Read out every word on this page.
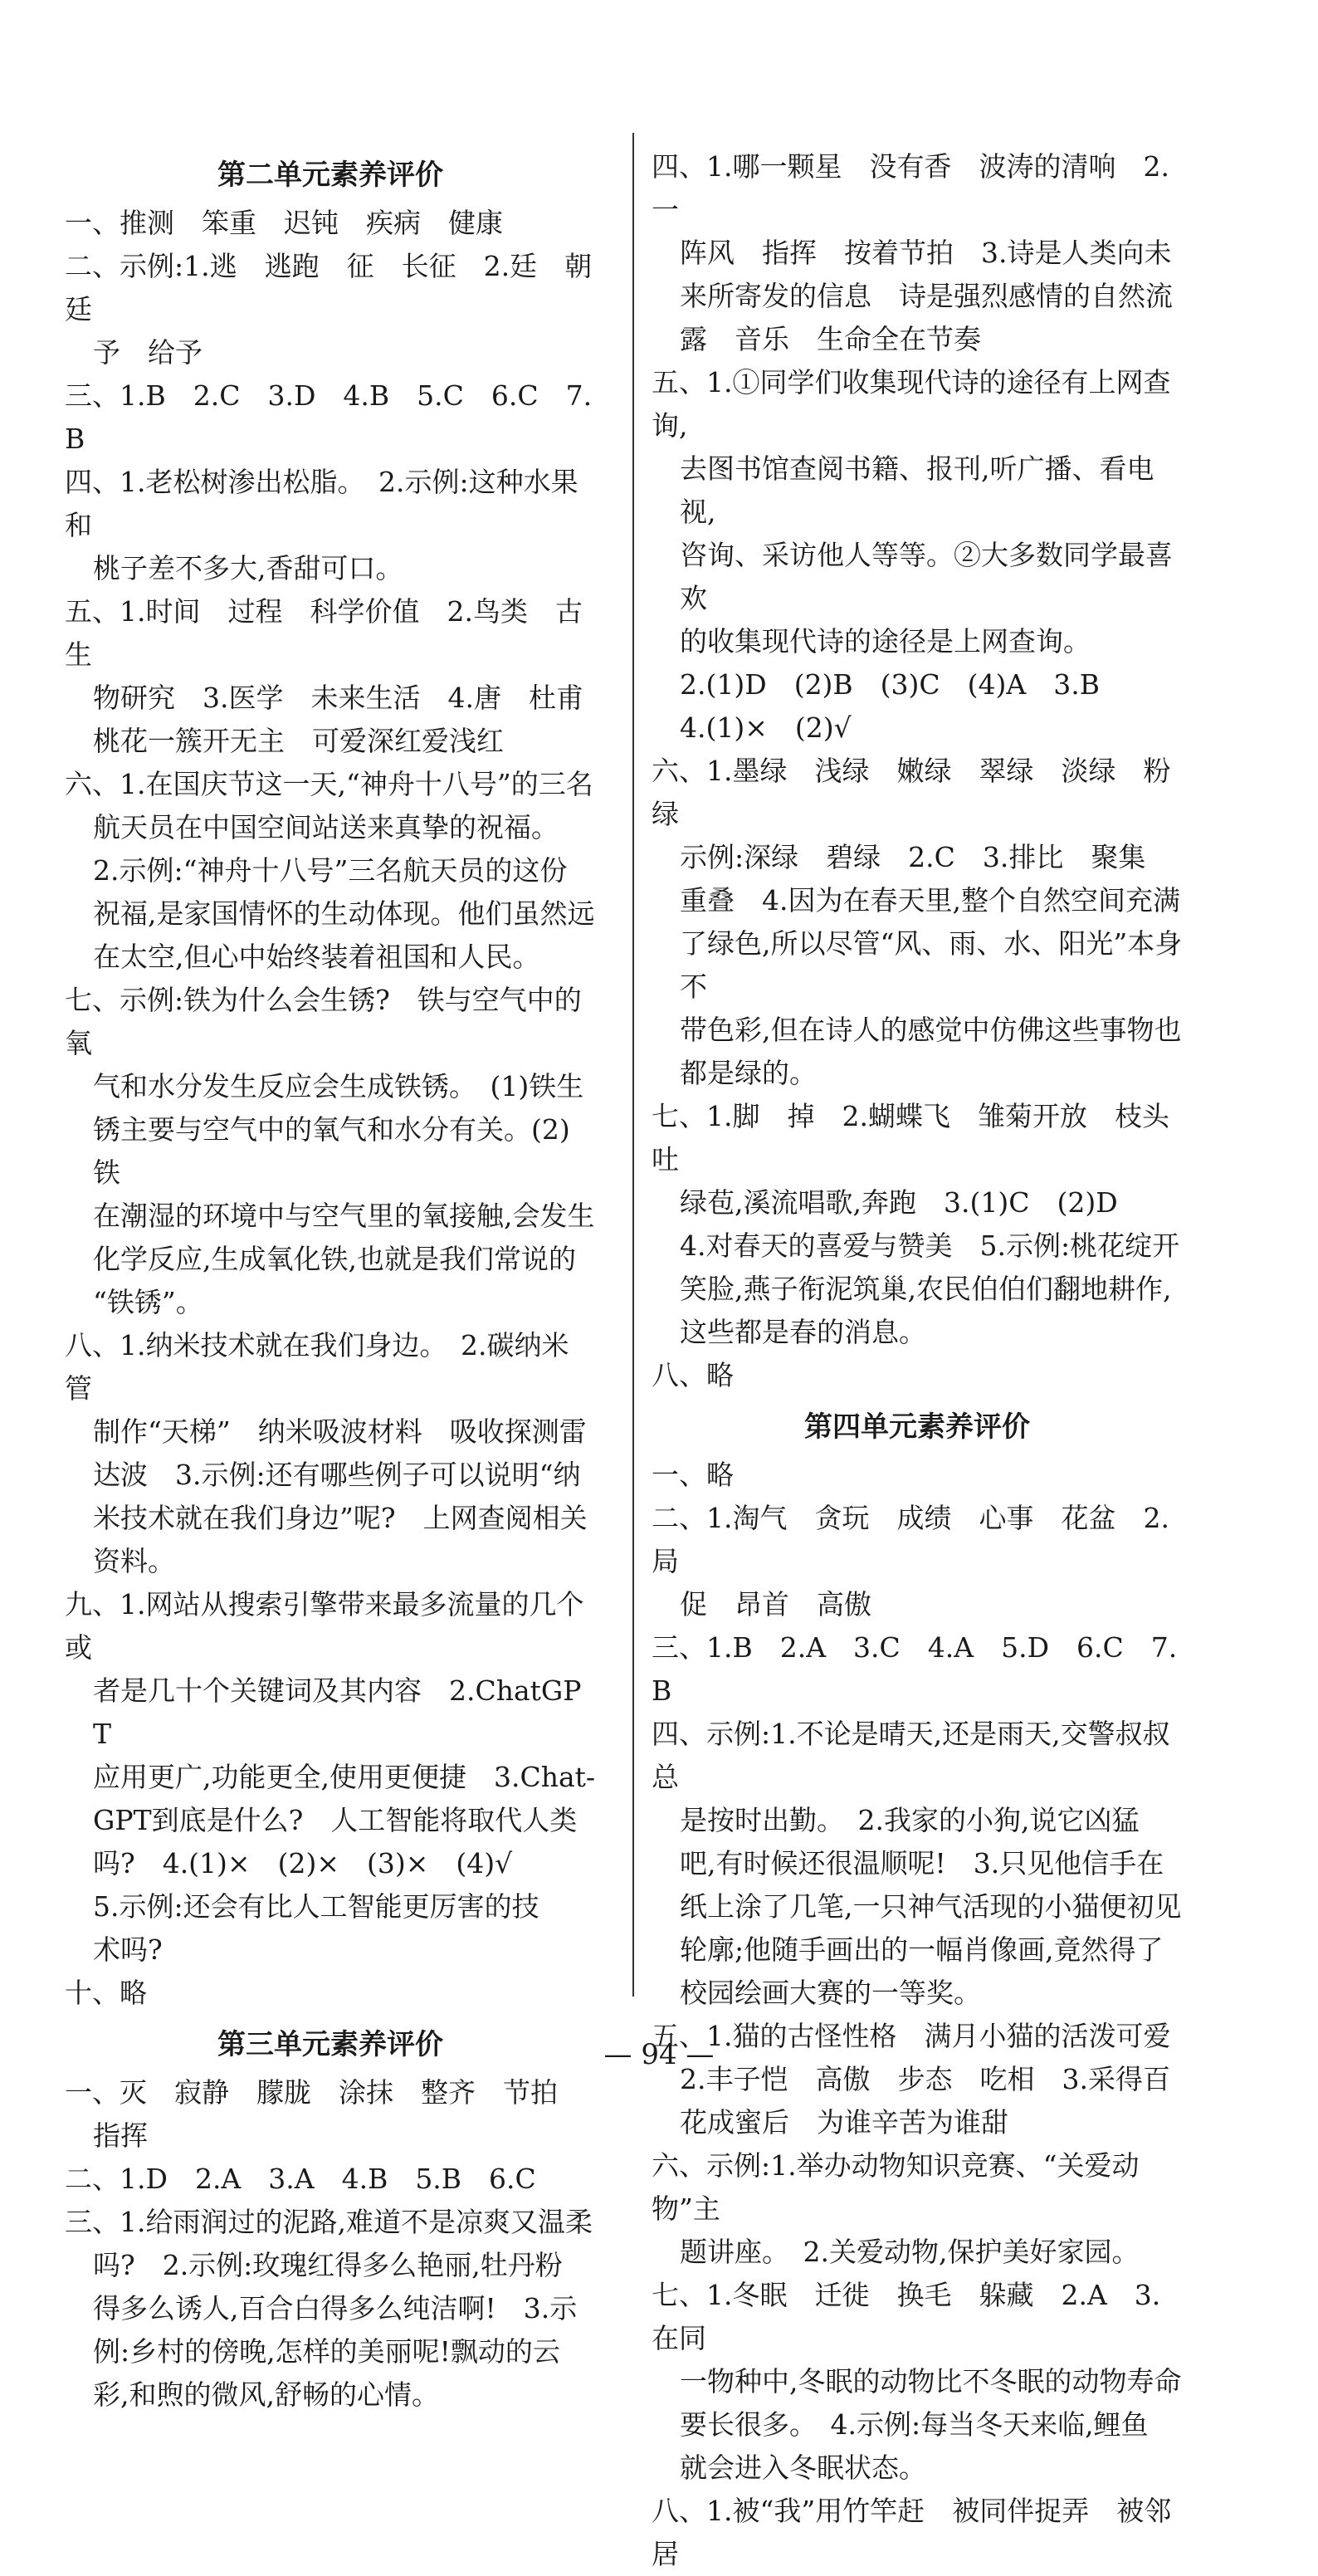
第二单元素养评价
一、推测　笨重　迟钝　疾病　健康
二、示例:1.逃　逃跑　征　长征　2.廷　朝廷
予　给予
三、1.B　2.C　3.D　4.B　5.C　6.C　7.B
四、1.老松树渗出松脂。　2.示例:这种水果和
桃子差不多大,香甜可口。
五、1.时间　过程　科学价值　2.鸟类　古生
物研究　3.医学　未来生活　4.唐　杜甫
桃花一簇开无主　可爱深红爱浅红
六、1.在国庆节这一天,“神舟十八号”的三名
航天员在中国空间站送来真挚的祝福。
2.示例:“神舟十八号”三名航天员的这份
祝福,是家国情怀的生动体现。他们虽然远
在太空,但心中始终装着祖国和人民。
七、示例:铁为什么会生锈?　铁与空气中的氧
气和水分发生反应会生成铁锈。　(1)铁生
锈主要与空气中的氧气和水分有关。(2)铁
在潮湿的环境中与空气里的氧接触,会发生
化学反应,生成氧化铁,也就是我们常说的
“铁锈”。
八、1.纳米技术就在我们身边。　2.碳纳米管
制作“天梯”　纳米吸波材料　吸收探测雷
达波　3.示例:还有哪些例子可以说明“纳
米技术就在我们身边”呢?　上网查阅相关
资料。
九、1.网站从搜索引擎带来最多流量的几个或
者是几十个关键词及其内容　2.ChatGPT
应用更广,功能更全,使用更便捷　3.Chat-
GPT到底是什么?　人工智能将取代人类
吗?　4.(1)×　(2)×　(3)×　(4)√
5.示例:还会有比人工智能更厉害的技
术吗?
十、略
第三单元素养评价
一、灭　寂静　朦胧　涂抹　整齐　节拍
指挥
二、1.D　2.A　3.A　4.B　5.B　6.C
三、1.给雨润过的泥路,难道不是凉爽又温柔
吗?　2.示例:玫瑰红得多么艳丽,牡丹粉
得多么诱人,百合白得多么纯洁啊!　3.示
例:乡村的傍晚,怎样的美丽呢!飘动的云
彩,和煦的微风,舒畅的心情。
四、1.哪一颗星　没有香　波涛的清响　2.一
阵风　指挥　按着节拍　3.诗是人类向未
来所寄发的信息　诗是强烈感情的自然流
露　音乐　生命全在节奏
五、1.①同学们收集现代诗的途径有上网查询,
去图书馆查阅书籍、报刊,听广播、看电视,
咨询、采访他人等等。②大多数同学最喜欢
的收集现代诗的途径是上网查询。
2.(1)D　(2)B　(3)C　(4)A　3.B
4.(1)×　(2)√
六、1.墨绿　浅绿　嫩绿　翠绿　淡绿　粉绿
示例:深绿　碧绿　2.C　3.排比　聚集
重叠　4.因为在春天里,整个自然空间充满
了绿色,所以尽管“风、雨、水、阳光”本身不
带色彩,但在诗人的感觉中仿佛这些事物也
都是绿的。
七、1.脚　掉　2.蝴蝶飞　雏菊开放　枝头吐
绿苞,溪流唱歌,奔跑　3.(1)C　(2)D
4.对春天的喜爱与赞美　5.示例:桃花绽开
笑脸,燕子衔泥筑巢,农民伯伯们翻地耕作,
这些都是春的消息。
八、略
第四单元素养评价
一、略
二、1.淘气　贪玩　成绩　心事　花盆　2.局
促　昂首　高傲
三、1.B　2.A　3.C　4.A　5.D　6.C　7.B
四、示例:1.不论是晴天,还是雨天,交警叔叔总
是按时出勤。　2.我家的小狗,说它凶猛
吧,有时候还很温顺呢!　3.只见他信手在
纸上涂了几笔,一只神气活现的小猫便初见
轮廓;他随手画出的一幅肖像画,竟然得了
校园绘画大赛的一等奖。
五、1.猫的古怪性格　满月小猫的活泼可爱
2.丰子恺　高傲　步态　吃相　3.采得百
花成蜜后　为谁辛苦为谁甜
六、示例:1.举办动物知识竞赛、“关爱动物”主
题讲座。　2.关爱动物,保护美好家园。
七、1.冬眠　迁徙　换毛　躲藏　2.A　3.在同
一物种中,冬眠的动物比不冬眠的动物寿命
要长很多。　4.示例:每当冬天来临,鲤鱼
就会进入冬眠状态。
八、1.被“我”用竹竿赶　被同伴捉弄　被邻居
— 94 —
